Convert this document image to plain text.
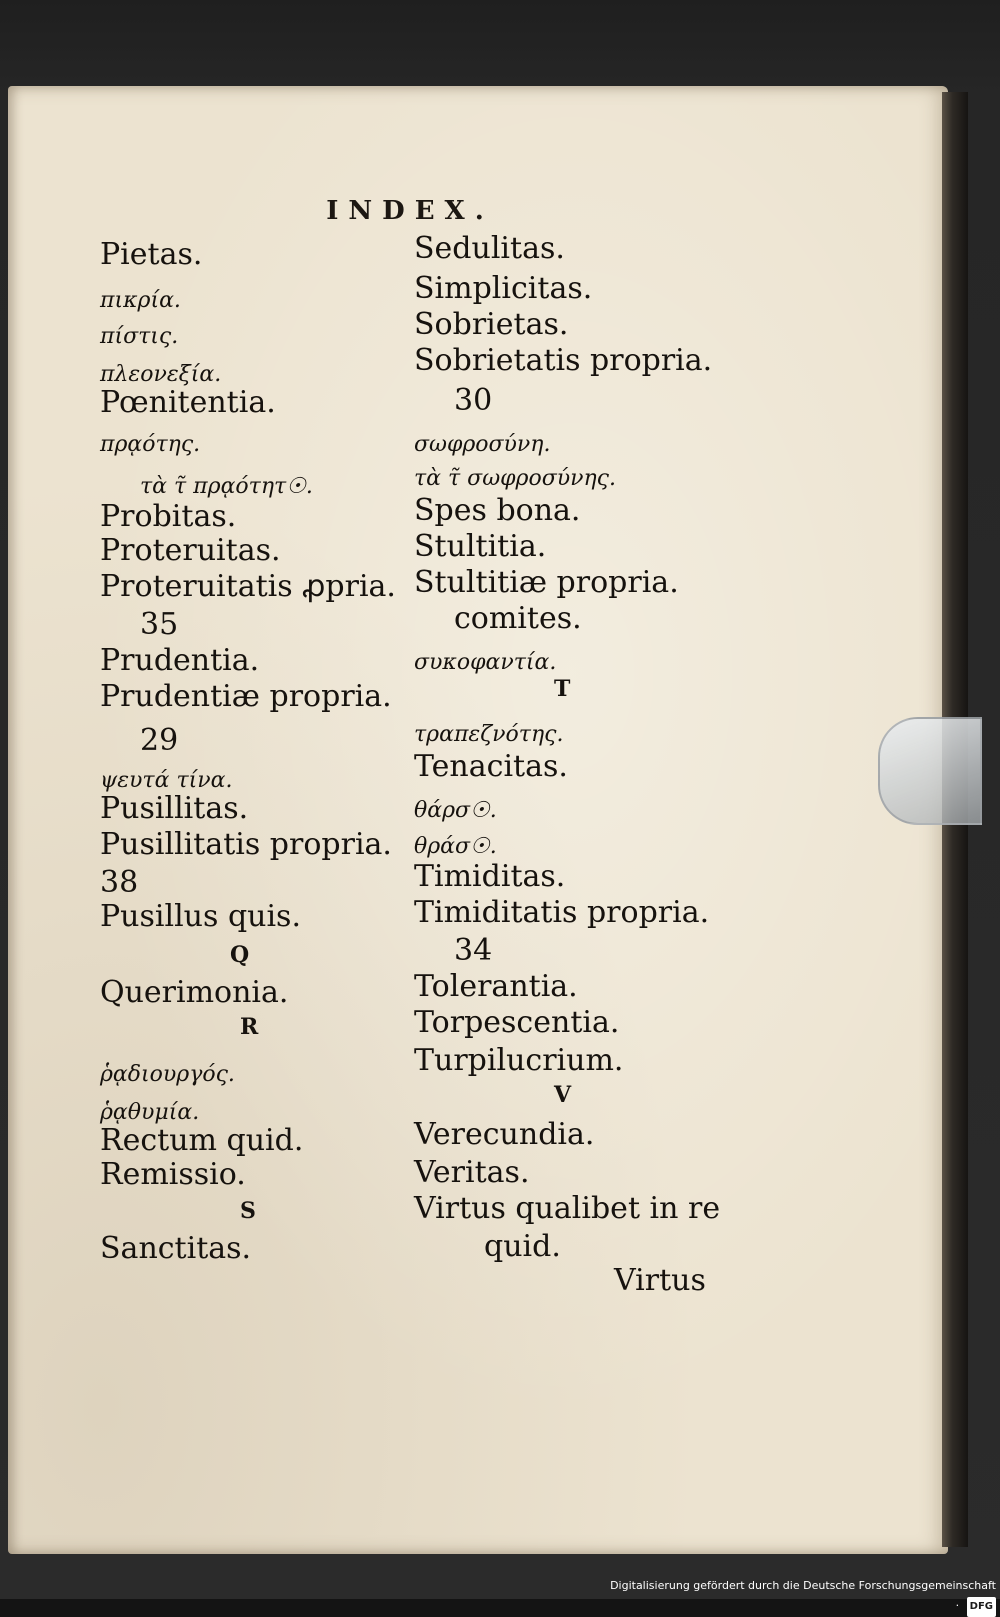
INDEX.
Pietas.
πικρία.
πίστις.
πλεονεξία.
Pœnitentia.
πρᾳότης.
τὰ τ̃ πρᾳότητ☉.
Probitas.
Proteruitas.
Proteruitatis ꝓpria.
35
Prudentia.
Prudentiæ propria.
29
ψευτά τίνα.
Pusillitas.
Pusillitatis propria.
38
Pusillus quis.
Q
Querimonia.
R
ῥᾳδιουργός.
ῥᾳθυμία.
Rectum quid.
Remissio.
S
Sanctitas.
Sedulitas.
Simplicitas.
Sobrietas.
Sobrietatis propria.
30
σωφροσύνη.
τὰ τ̃ σωφροσύνης.
Spes bona.
Stultitia.
Stultitiæ propria.
comites.
συκοφαντία.
T
τραπεζνότης.
Tenacitas.
θάρσ☉.
θράσ☉.
Timiditas.
Timiditatis propria.
34
Tolerantia.
Torpescentia.
Turpilucrium.
V
Verecundia.
Veritas.
Virtus qualibet in re
quid.
Virtus
Digitalisierung gefördert durch die Deutsche Forschungsgemeinschaft · DFG
